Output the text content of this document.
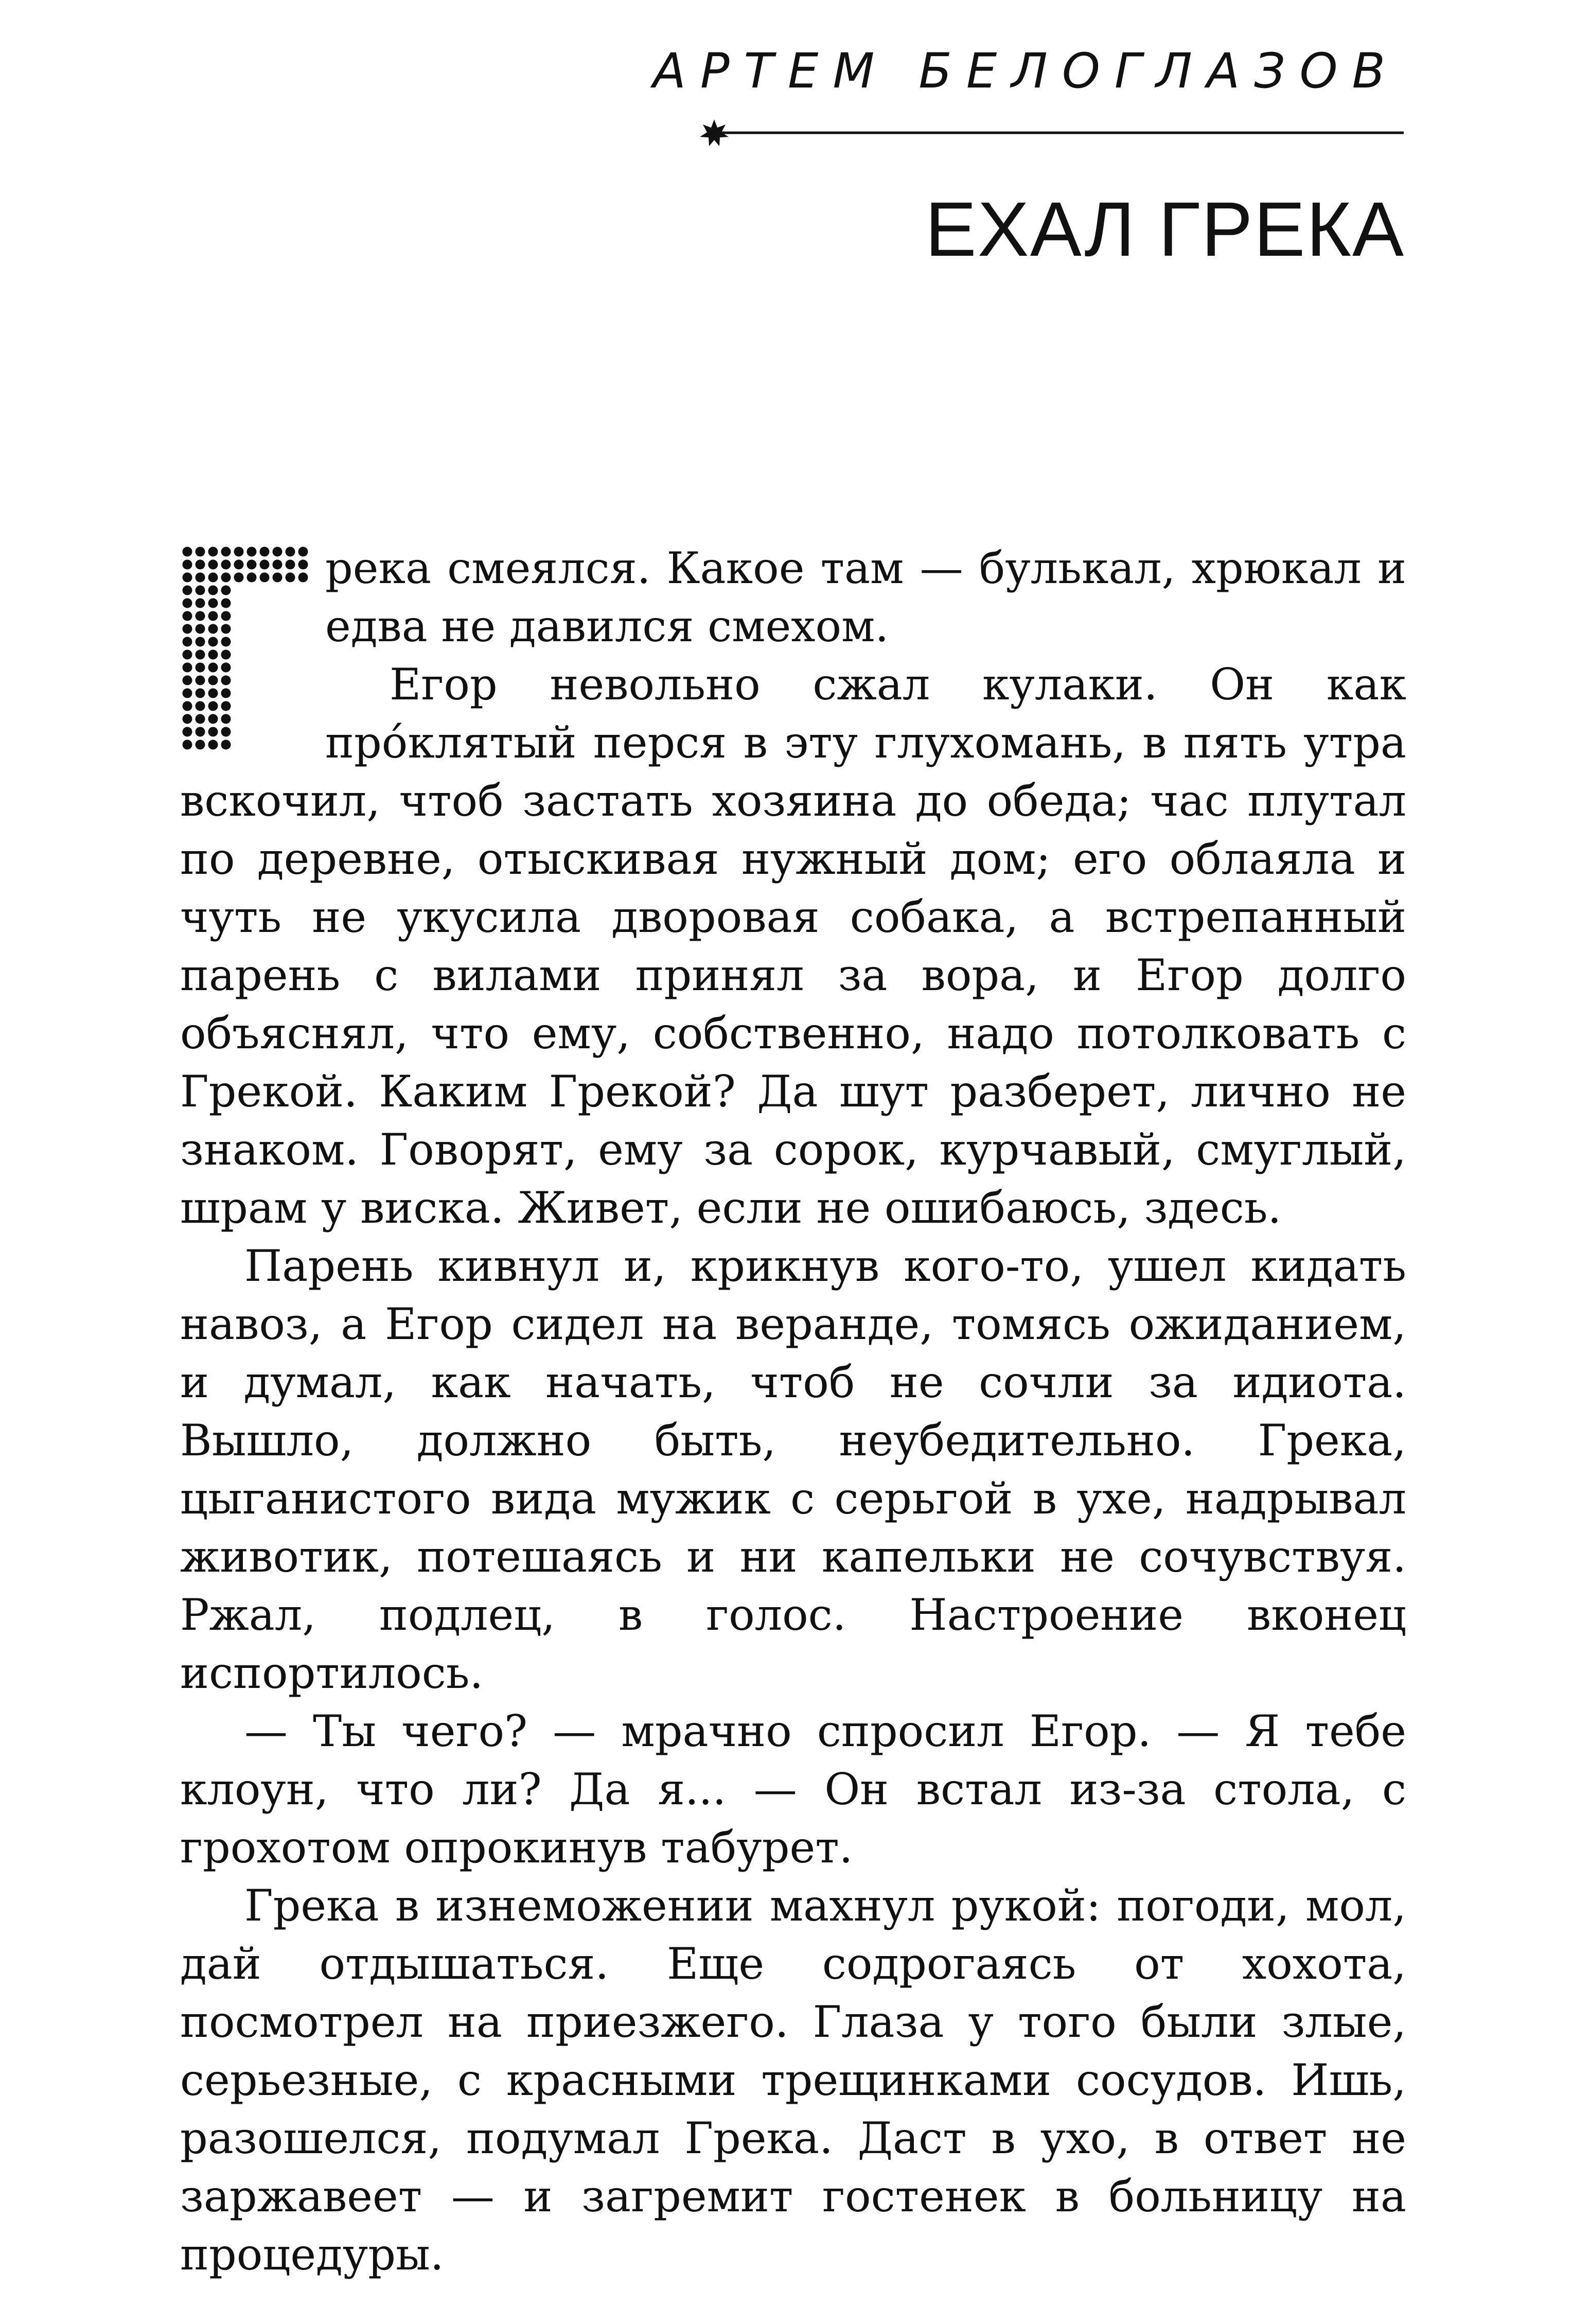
АРТЕМ БЕЛОГЛАЗОВ
ЕХАЛ ГРЕКА

река смеялся. Какое там — булькал, хрюкал и едва не давился смехом.

Егор невольно сжал кулаки. Он как про́клятый перся в эту глухомань, в пять утра вскочил, чтоб застать хозяина до обеда; час плутал по деревне, отыскивая нужный дом; его облаяла и чуть не укусила дворовая собака, а встрепанный парень с вилами принял за вора, и Егор долго объяснял, что ему, собственно, надо потолковать с Грекой. Каким Грекой? Да шут разберет, лично не знаком. Говорят, ему за сорок, курчавый, смуглый, шрам у виска. Живет, если не ошибаюсь, здесь.

Парень кивнул и, крикнув кого-то, ушел кидать навоз, а Егор сидел на веранде, томясь ожиданием, и думал, как начать, чтоб не сочли за идиота. Вышло, должно быть, неубедительно. Грека, цыганистого вида мужик с серьгой в ухе, надрывал животик, потешаясь и ни капельки не сочувствуя. Ржал, подлец, в голос. Настроение вконец испортилось.

— Ты чего? — мрачно спросил Егор. — Я тебе клоун, что ли? Да я... — Он встал из-за стола, с грохотом опрокинув табурет.

Грека в изнеможении махнул рукой: погоди, мол, дай отдышаться. Еще содрогаясь от хохота, посмотрел на приезжего. Глаза у того были злые, серьезные, с красными трещинками сосудов. Ишь, разошелся, подумал Грека. Даст в ухо, в ответ не заржавеет — и загремит гостенек в больницу на процедуры.
